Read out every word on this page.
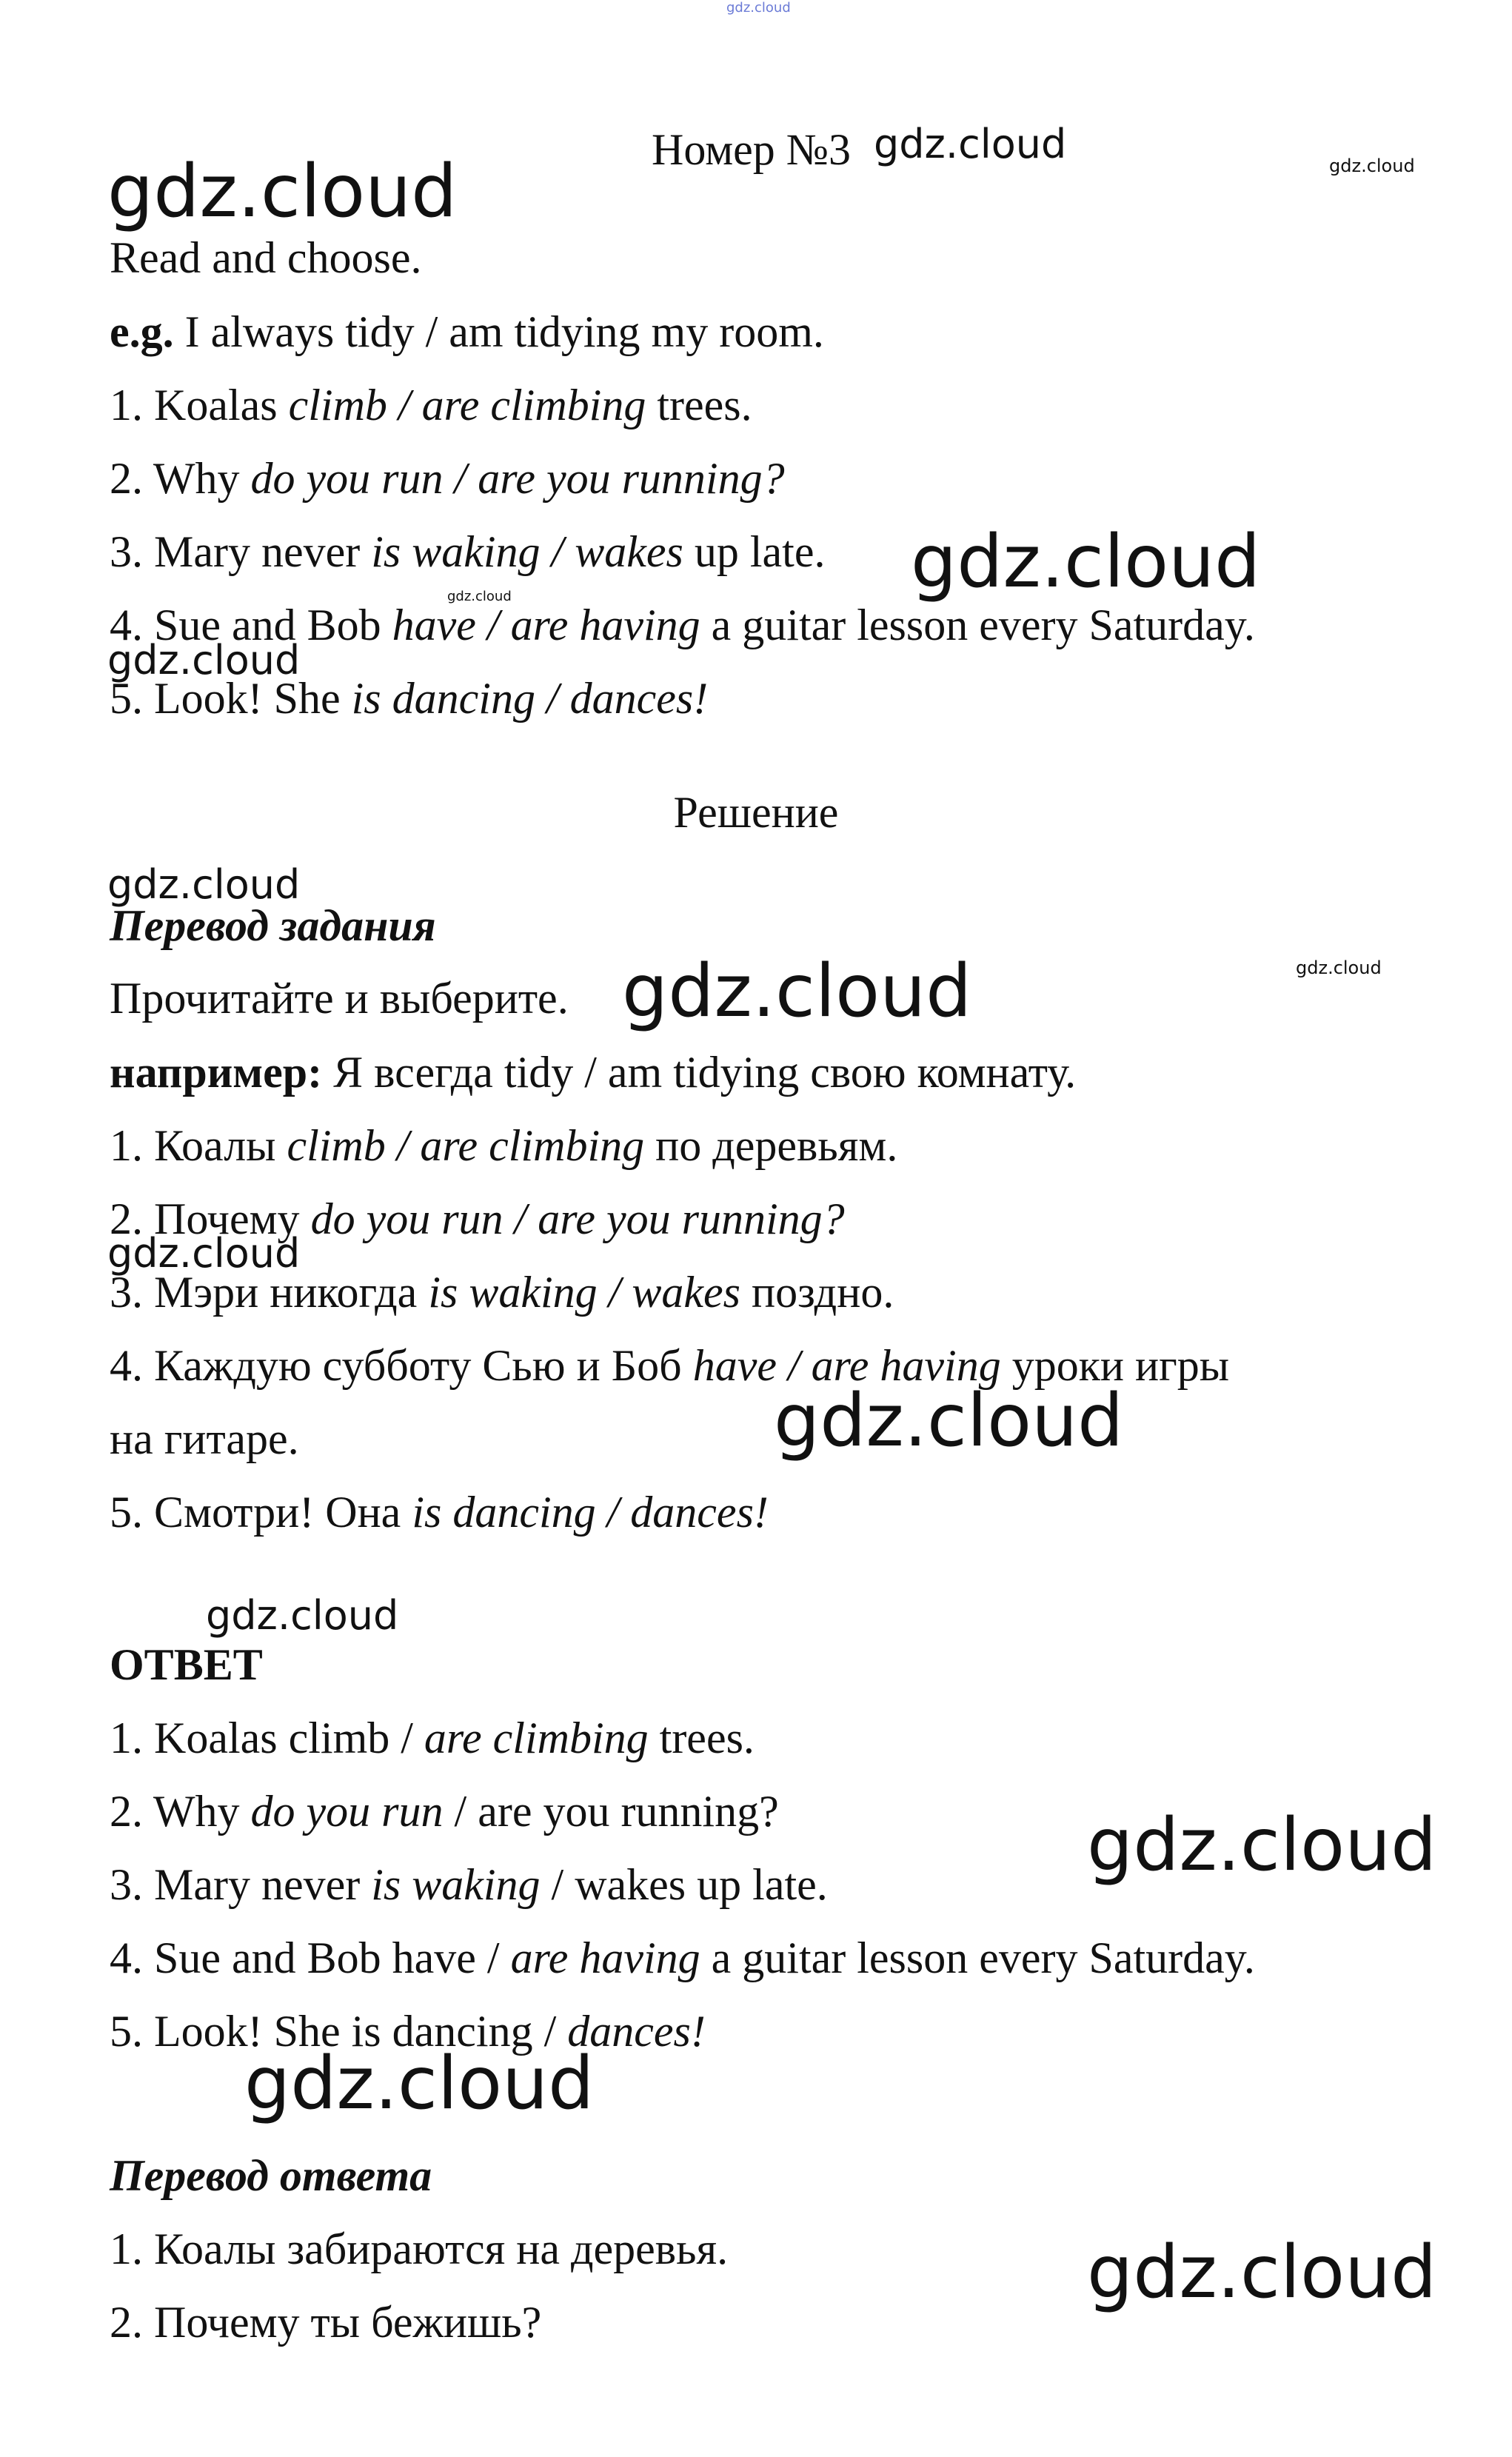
gdz.cloud
gdz.cloud
gdz.cloud	gdz.cloud
gdz.cloud
gdz.cloud
gdz.cloud
gdz.cloud
gdz.cloud	gdz.cloud
gdz.cloud
gdz.cloud
gdz.cloud
gdz.cloud
gdz.cloud
gdz.cloud
Номер №3
Read and choose.
e.g. I always tidy / am tidying my room.
1. Koalas climb / are climbing trees.
2. Why do you run / are you running?
3. Mary never is waking / wakes up late.
4. Sue and Bob have / are having a guitar lesson every Saturday.
5. Look! She is dancing / dances!
Решение
Перевод задания
Прочитайте и выберите.
например: Я всегда tidy / am tidying свою комнату.
1. Коалы climb / are climbing по деревьям.
2. Почему do you run / are you running?
3. Мэри никогда is waking / wakes поздно.
4. Каждую субботу Сью и Боб have / are having уроки игры
на гитаре.
5. Смотри! Она is dancing / dances!
ОТВЕТ
1. Koalas climb / are climbing trees.
2. Why do you run / are you running?
3. Mary never is waking / wakes up late.
4. Sue and Bob have / are having a guitar lesson every Saturday.
5. Look! She is dancing / dances!
Перевод ответа
1. Коалы забираются на деревья.
2. Почему ты бежишь?
